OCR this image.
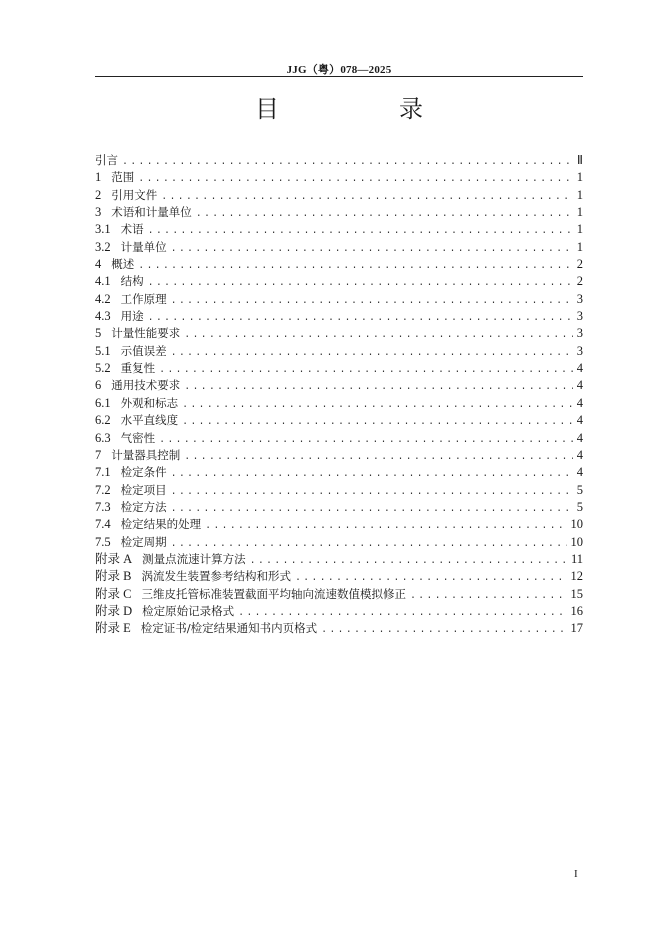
JJG（粤）078—2025
目　录
引言 .....	Ⅱ
1 范围 .....	1
2 引用文件 .....	1
3 术语和计量单位 .....	1
3.1 术语 .....	1
3.2 计量单位 .....	1
4 概述 .....	2
4.1 结构 .....	2
4.2 工作原理 .....	3
4.3 用途 .....	3
5 计量性能要求 .....	3
5.1 示值误差 .....	3
5.2 重复性 .....	4
6 通用技术要求 .....	4
6.1 外观和标志 .....	4
6.2 水平直线度 .....	4
6.3 气密性 .....	4
7 计量器具控制 .....	4
7.1 检定条件 .....	4
7.2 检定项目 .....	5
7.3 检定方法 .....	5
7.4 检定结果的处理 .....	10
7.5 检定周期 .....	10
附录 A 测量点流速计算方法 .....	11
附录 B 涡流发生装置参考结构和形式 .....	12
附录 C 三维皮托管标准装置截面平均轴向流速数值模拟修正 .....	15
附录 D 检定原始记录格式 .....	16
附录 E 检定证书/检定结果通知书内页格式 .....	17
I
